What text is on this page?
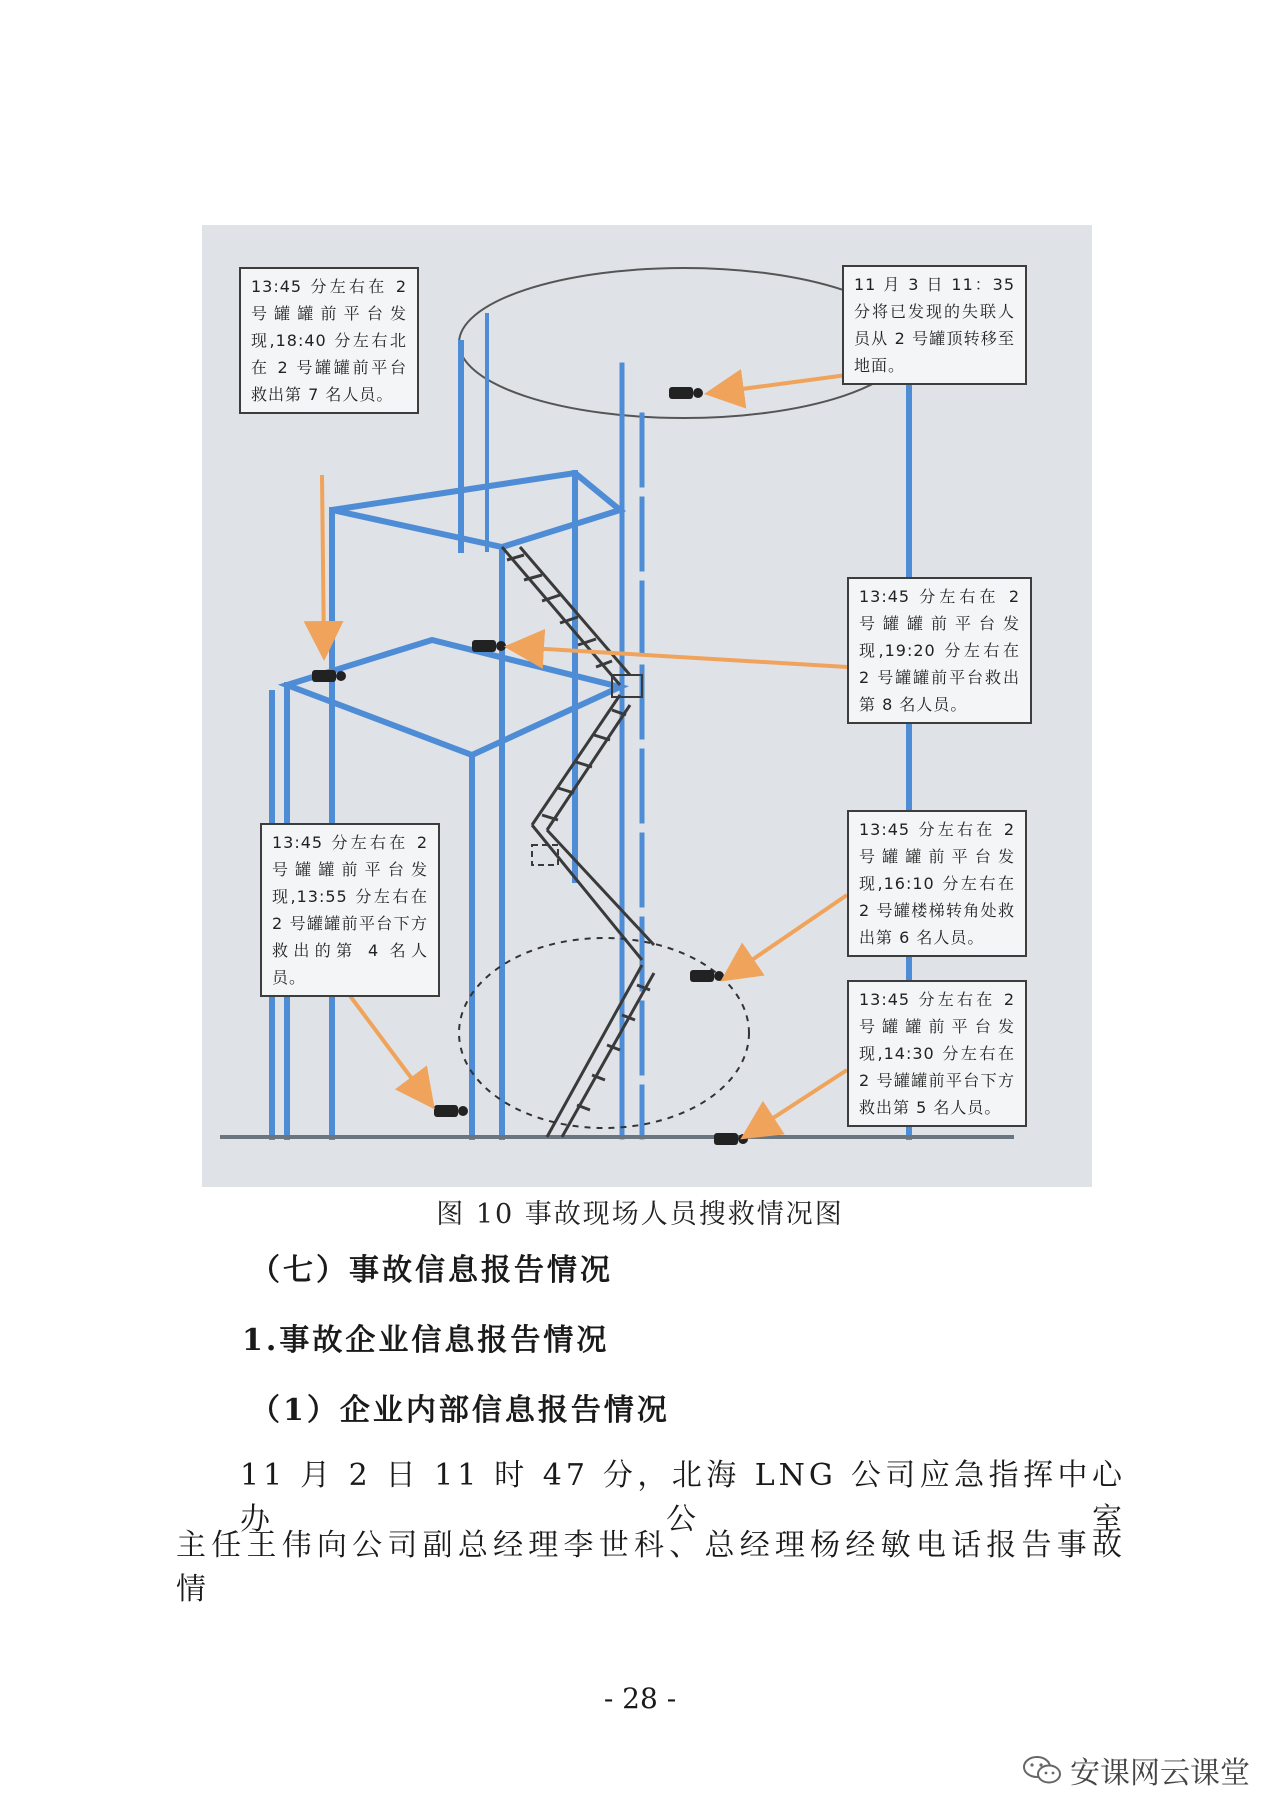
13:45 分左右在 2 号罐罐前平台发现,18:40 分左右北在 2 号罐罐前平台救出第 7 名人员。
11 月 3 日 11：35 分将已发现的失联人员从 2 号罐顶转移至地面。
13:45 分左右在 2 号罐罐前平台发现,19:20 分左右在 2 号罐罐前平台救出第 8 名人员。
13:45 分左右在 2 号罐罐前平台发现,13:55 分左右在 2 号罐罐前平台下方救出的第 4 名人员。
13:45 分左右在 2 号罐罐前平台发现,16:10 分左右在 2 号罐楼梯转角处救出第 6 名人员。
13:45 分左右在 2 号罐罐前平台发现,14:30 分左右在 2 号罐罐前平台下方救出第 5 名人员。
图 10 事故现场人员搜救情况图
（七）事故信息报告情况
1.事故企业信息报告情况
（1）企业内部信息报告情况
11 月 2 日 11 时 47 分，北海 LNG 公司应急指挥中心办公室
主任王伟向公司副总经理李世科、总经理杨经敏电话报告事故情
- 28 -
安课网云课堂
